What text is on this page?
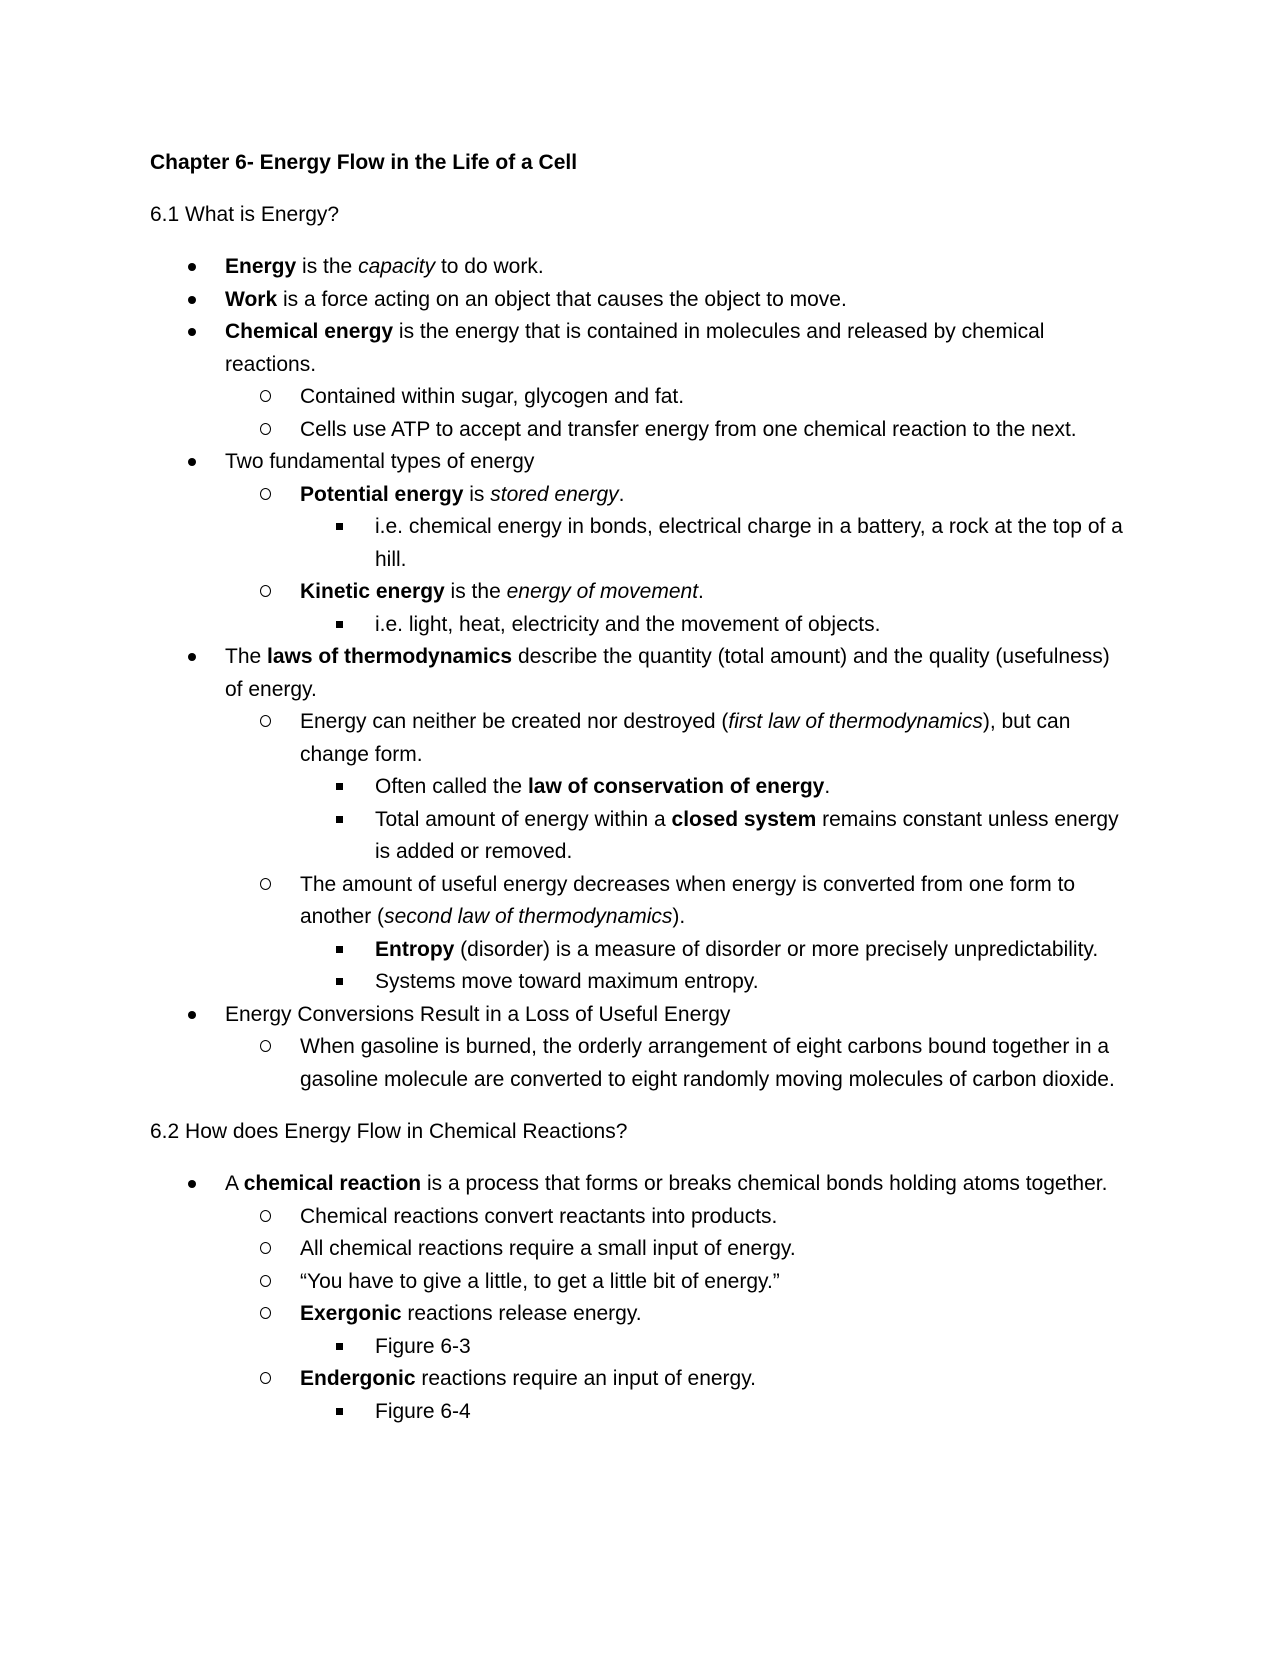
Chapter 6- Energy Flow in the Life of a Cell
6.1 What is Energy?
Energy is the capacity to do work.
Work is a force acting on an object that causes the object to move.
Chemical energy is the energy that is contained in molecules and released by chemical reactions.
Contained within sugar, glycogen and fat.
Cells use ATP to accept and transfer energy from one chemical reaction to the next.
Two fundamental types of energy
Potential energy is stored energy.
i.e. chemical energy in bonds, electrical charge in a battery, a rock at the top of a hill.
Kinetic energy is the energy of movement.
i.e. light, heat, electricity and the movement of objects.
The laws of thermodynamics describe the quantity (total amount) and the quality (usefulness) of energy.
Energy can neither be created nor destroyed (first law of thermodynamics), but can change form.
Often called the law of conservation of energy.
Total amount of energy within a closed system remains constant unless energy is added or removed.
The amount of useful energy decreases when energy is converted from one form to another (second law of thermodynamics).
Entropy (disorder) is a measure of disorder or more precisely unpredictability.
Systems move toward maximum entropy.
Energy Conversions Result in a Loss of Useful Energy
When gasoline is burned, the orderly arrangement of eight carbons bound together in a gasoline molecule are converted to eight randomly moving molecules of carbon dioxide.
6.2 How does Energy Flow in Chemical Reactions?
A chemical reaction is a process that forms or breaks chemical bonds holding atoms together.
Chemical reactions convert reactants into products.
All chemical reactions require a small input of energy.
“You have to give a little, to get a little bit of energy.”
Exergonic reactions release energy.
Figure 6-3
Endergonic reactions require an input of energy.
Figure 6-4
